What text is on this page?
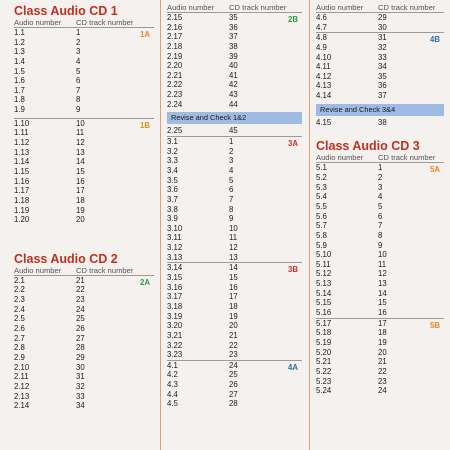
Class Audio CD 1
Audio number CD track number
1.1	1
1.2	2
1.3	3
1.4	4
1.5	5
1.6	6
1.7	7
1.8	8
1.9	9
1A
1.10	10
1.11	11
1.12	12
1.13	13
1.14	14
1.15	15
1.16	16
1.17	17
1.18	18
1.19	19
1.20	20
1B
Class Audio CD 2
Audio number CD track number
2.1	21
2.2	22
2.3	23
2.4	24
2.5	25
2.6	26
2.7	27
2.8	28
2.9	29
2.10	30
2.11	31
2.12	32
2.13	33
2.14	34
2A
Audio number CD track number
2.15	35
2.16	36
2.17	37
2.18	38
2.19	39
2.20	40
2.21	41
2.22	42
2.23	43
2.24	44
2B
Revise and Check 1&2
2.25	45
3.1	1
3.2	2
3.3	3
3.4	4
3.5	5
3.6	6
3.7	7
3.8	8
3.9	9
3.10	10
3.11	11
3.12	12
3.13	13
3A
3.14	14
3.15	15
3.16	16
3.17	17
3.18	18
3.19	19
3.20	20
3.21	21
3.22	22
3.23	23
3B
4.1	24
4.2	25
4.3	26
4.4	27
4.5	28
4A
Audio number CD track number
4.6	29
4.7	30
4.8	31
4.9	32
4.10	33
4.11	34
4.12	35
4.13	36
4.14	37
4B
Revise and Check 3&4
4.15	38
Class Audio CD 3
Audio number CD track number
5.1	1
5.2	2
5.3	3
5.4	4
5.5	5
5.6	6
5.7	7
5.8	8
5.9	9
5.10	10
5.11	11
5.12	12
5.13	13
5.14	14
5.15	15
5.16	16
5A
5.17	17
5.18	18
5.19	19
5.20	20
5.21	21
5.22	22
5.23	23
5.24	24
5B
